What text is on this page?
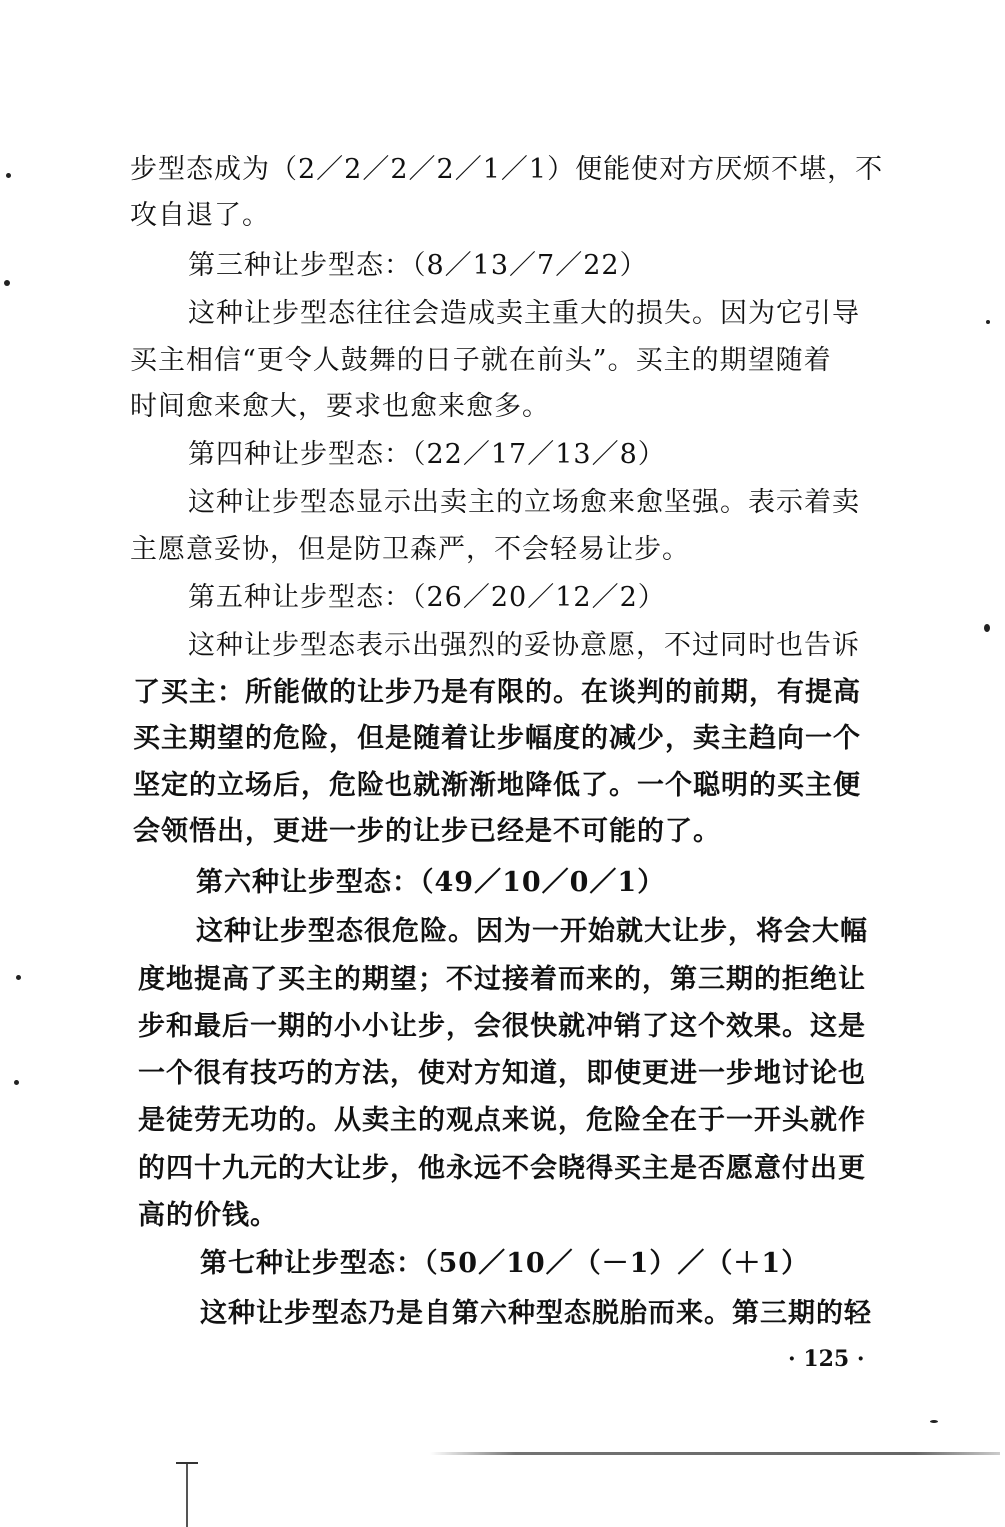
步型态成为（2／2／2／2／1／1）便能使对方厌烦不堪，不
攻自退了。
第三种让步型态：（8／13／7／22）
这种让步型态往往会造成卖主重大的损失。因为它引导
买主相信“更令人鼓舞的日子就在前头”。买主的期望随着
时间愈来愈大，要求也愈来愈多。
第四种让步型态：（22／17／13／8）
这种让步型态显示出卖主的立场愈来愈坚强。表示着卖
主愿意妥协，但是防卫森严，不会轻易让步。
第五种让步型态：（26／20／12／2）
这种让步型态表示出强烈的妥协意愿，不过同时也告诉
了买主：所能做的让步乃是有限的。在谈判的前期，有提高
买主期望的危险，但是随着让步幅度的减少，卖主趋向一个
坚定的立场后，危险也就渐渐地降低了。一个聪明的买主便
会领悟出，更进一步的让步已经是不可能的了。
第六种让步型态：（49／10／0／1）
这种让步型态很危险。因为一开始就大让步，将会大幅
度地提高了买主的期望；不过接着而来的，第三期的拒绝让
步和最后一期的小小让步，会很快就冲销了这个效果。这是
一个很有技巧的方法，使对方知道，即使更进一步地讨论也
是徒劳无功的。从卖主的观点来说，危险全在于一开头就作
的四十九元的大让步，他永远不会晓得买主是否愿意付出更
高的价钱。
第七种让步型态：（50／10／（－1）／（＋1）
这种让步型态乃是自第六种型态脱胎而来。第三期的轻
· 125 ·
